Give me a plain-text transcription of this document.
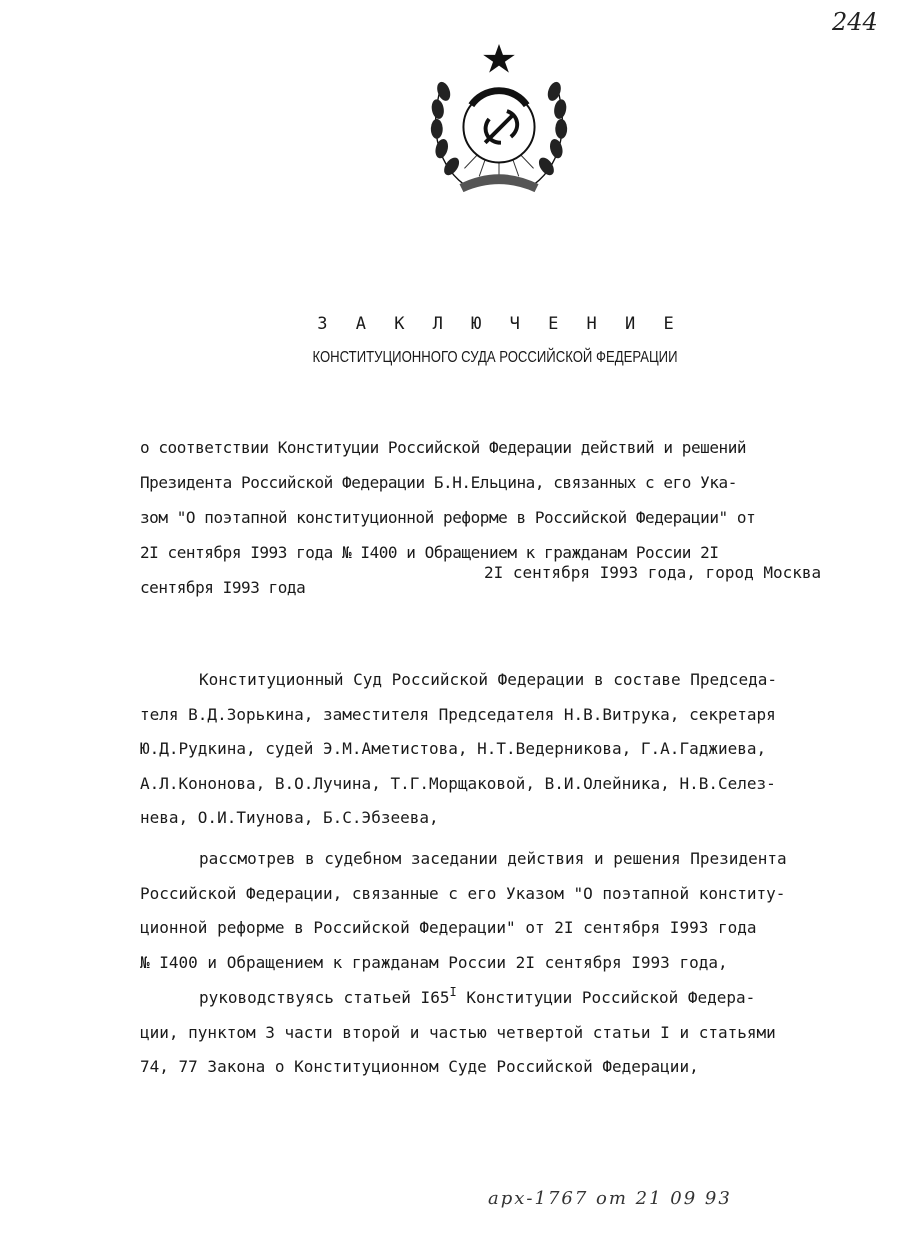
244
З А К Л Ю Ч Е Н И Е
КОНСТИТУЦИОННОГО СУДА РОССИЙСКОЙ ФЕДЕРАЦИИ

о соответствии Конституции Российской Федерации действий и решений

Президента Российской Федерации Б.Н.Ельцина, связанных с его Ука-

зом "О поэтапной конституционной реформе в Российской Федерации" от

2I сентября I993 года № I400 и Обращением к гражданам России 2I

сентября I993 года

2I сентября I993 года, город Москва
Конституционный Суд Российской Федерации в составе Председа-
теля В.Д.Зорькина, заместителя Председателя Н.В.Витрука, секретаря
Ю.Д.Рудкина, судей Э.М.Аметистова, Н.Т.Ведерникова, Г.А.Гаджиева,
А.Л.Кононова, В.О.Лучина, Т.Г.Морщаковой, В.И.Олейника, Н.В.Селез-
нева, О.И.Тиунова, Б.С.Эбзеева,
рассмотрев в судебном заседании действия и решения Президента
Российской Федерации, связанные с его Указом "О поэтапной конститу-
ционной реформе в Российской Федерации" от 2I сентября I993 года
№ I400 и Обращением к гражданам России 2I сентября I993 года,
руководствуясь статьей $I65^I$ Конституции Российской Федера-
ции, пунктом 3 части второй и частью четвертой статьи I и статьями
74, 77 Закона о Конституционном Суде Российской Федерации,
арх-1767 от 21 09 93
